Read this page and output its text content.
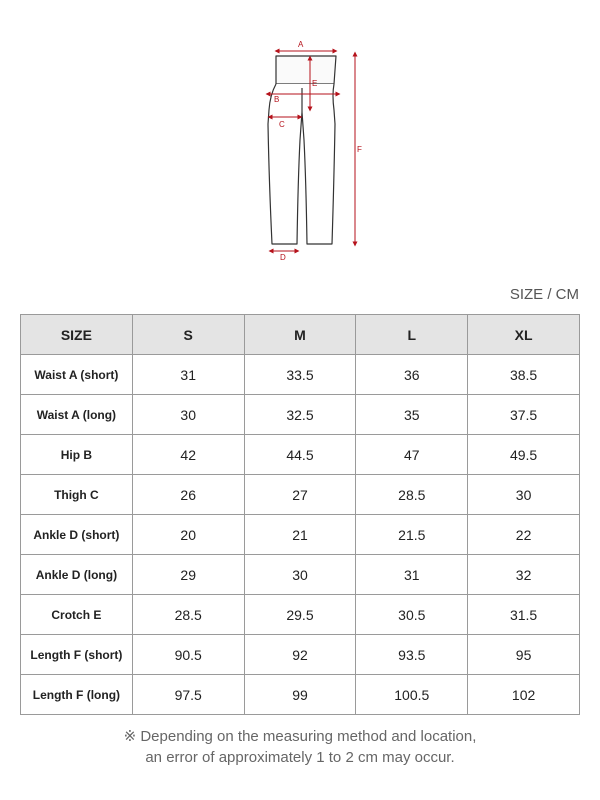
A
B
C
D
E
F
SIZE / CM
SIZE	S	M	L	XL
Waist A (short)	31	33.5	36	38.5
Waist A (long)	30	32.5	35	37.5
Hip B	42	44.5	47	49.5
Thigh C	26	27	28.5	30
Ankle D (short)	20	21	21.5	22
Ankle D (long)	29	30	31	32
Crotch E	28.5	29.5	30.5	31.5
Length F (short)	90.5	92	93.5	95
Length F (long)	97.5	99	100.5	102
※ Depending on the measuring method and location,
an error of approximately 1 to 2 cm may occur.
